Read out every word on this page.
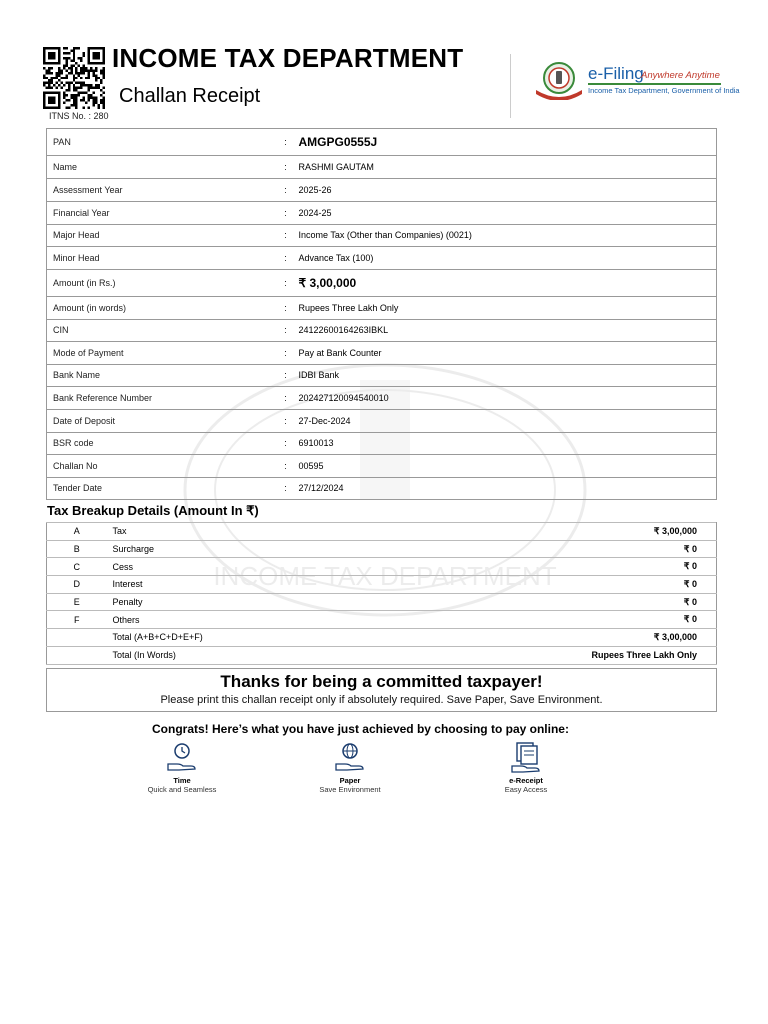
INCOME TAX DEPARTMENT
INCOME TAX DEPARTMENT
Challan Receipt
ITNS No. : 280
e-Filing
Anywhere Anytime
Income Tax Department, Government of India
PAN	:	AMGPG0555J
Name	:	RASHMI GAUTAM
Assessment Year	:	2025-26
Financial Year	:	2024-25
Major Head	:	Income Tax (Other than Companies) (0021)
Minor Head	:	Advance Tax (100)
Amount (in Rs.)	:	₹ 3,00,000
Amount (in words)	:	Rupees Three Lakh Only
CIN	:	24122600164263IBKL
Mode of Payment	:	Pay at Bank Counter
Bank Name	:	IDBI Bank
Bank Reference Number	:	202427120094540010
Date of Deposit	:	27-Dec-2024
BSR code	:	6910013
Challan No	:	00595
Tender Date	:	27/12/2024
Tax Breakup Details (Amount In ₹)
A	Tax	₹ 3,00,000
B	Surcharge	₹ 0
C	Cess	₹ 0
D	Interest	₹ 0
E	Penalty	₹ 0
F	Others	₹ 0
	Total (A+B+C+D+E+F)	₹ 3,00,000
	Total (In Words)	Rupees Three Lakh Only
Thanks for being a committed taxpayer!
Please print this challan receipt only if absolutely required. Save Paper, Save Environment.
Congrats! Here’s what you have just achieved by choosing to pay online:
Time
Quick and Seamless
Paper
Save Environment
e-Receipt
Easy Access
